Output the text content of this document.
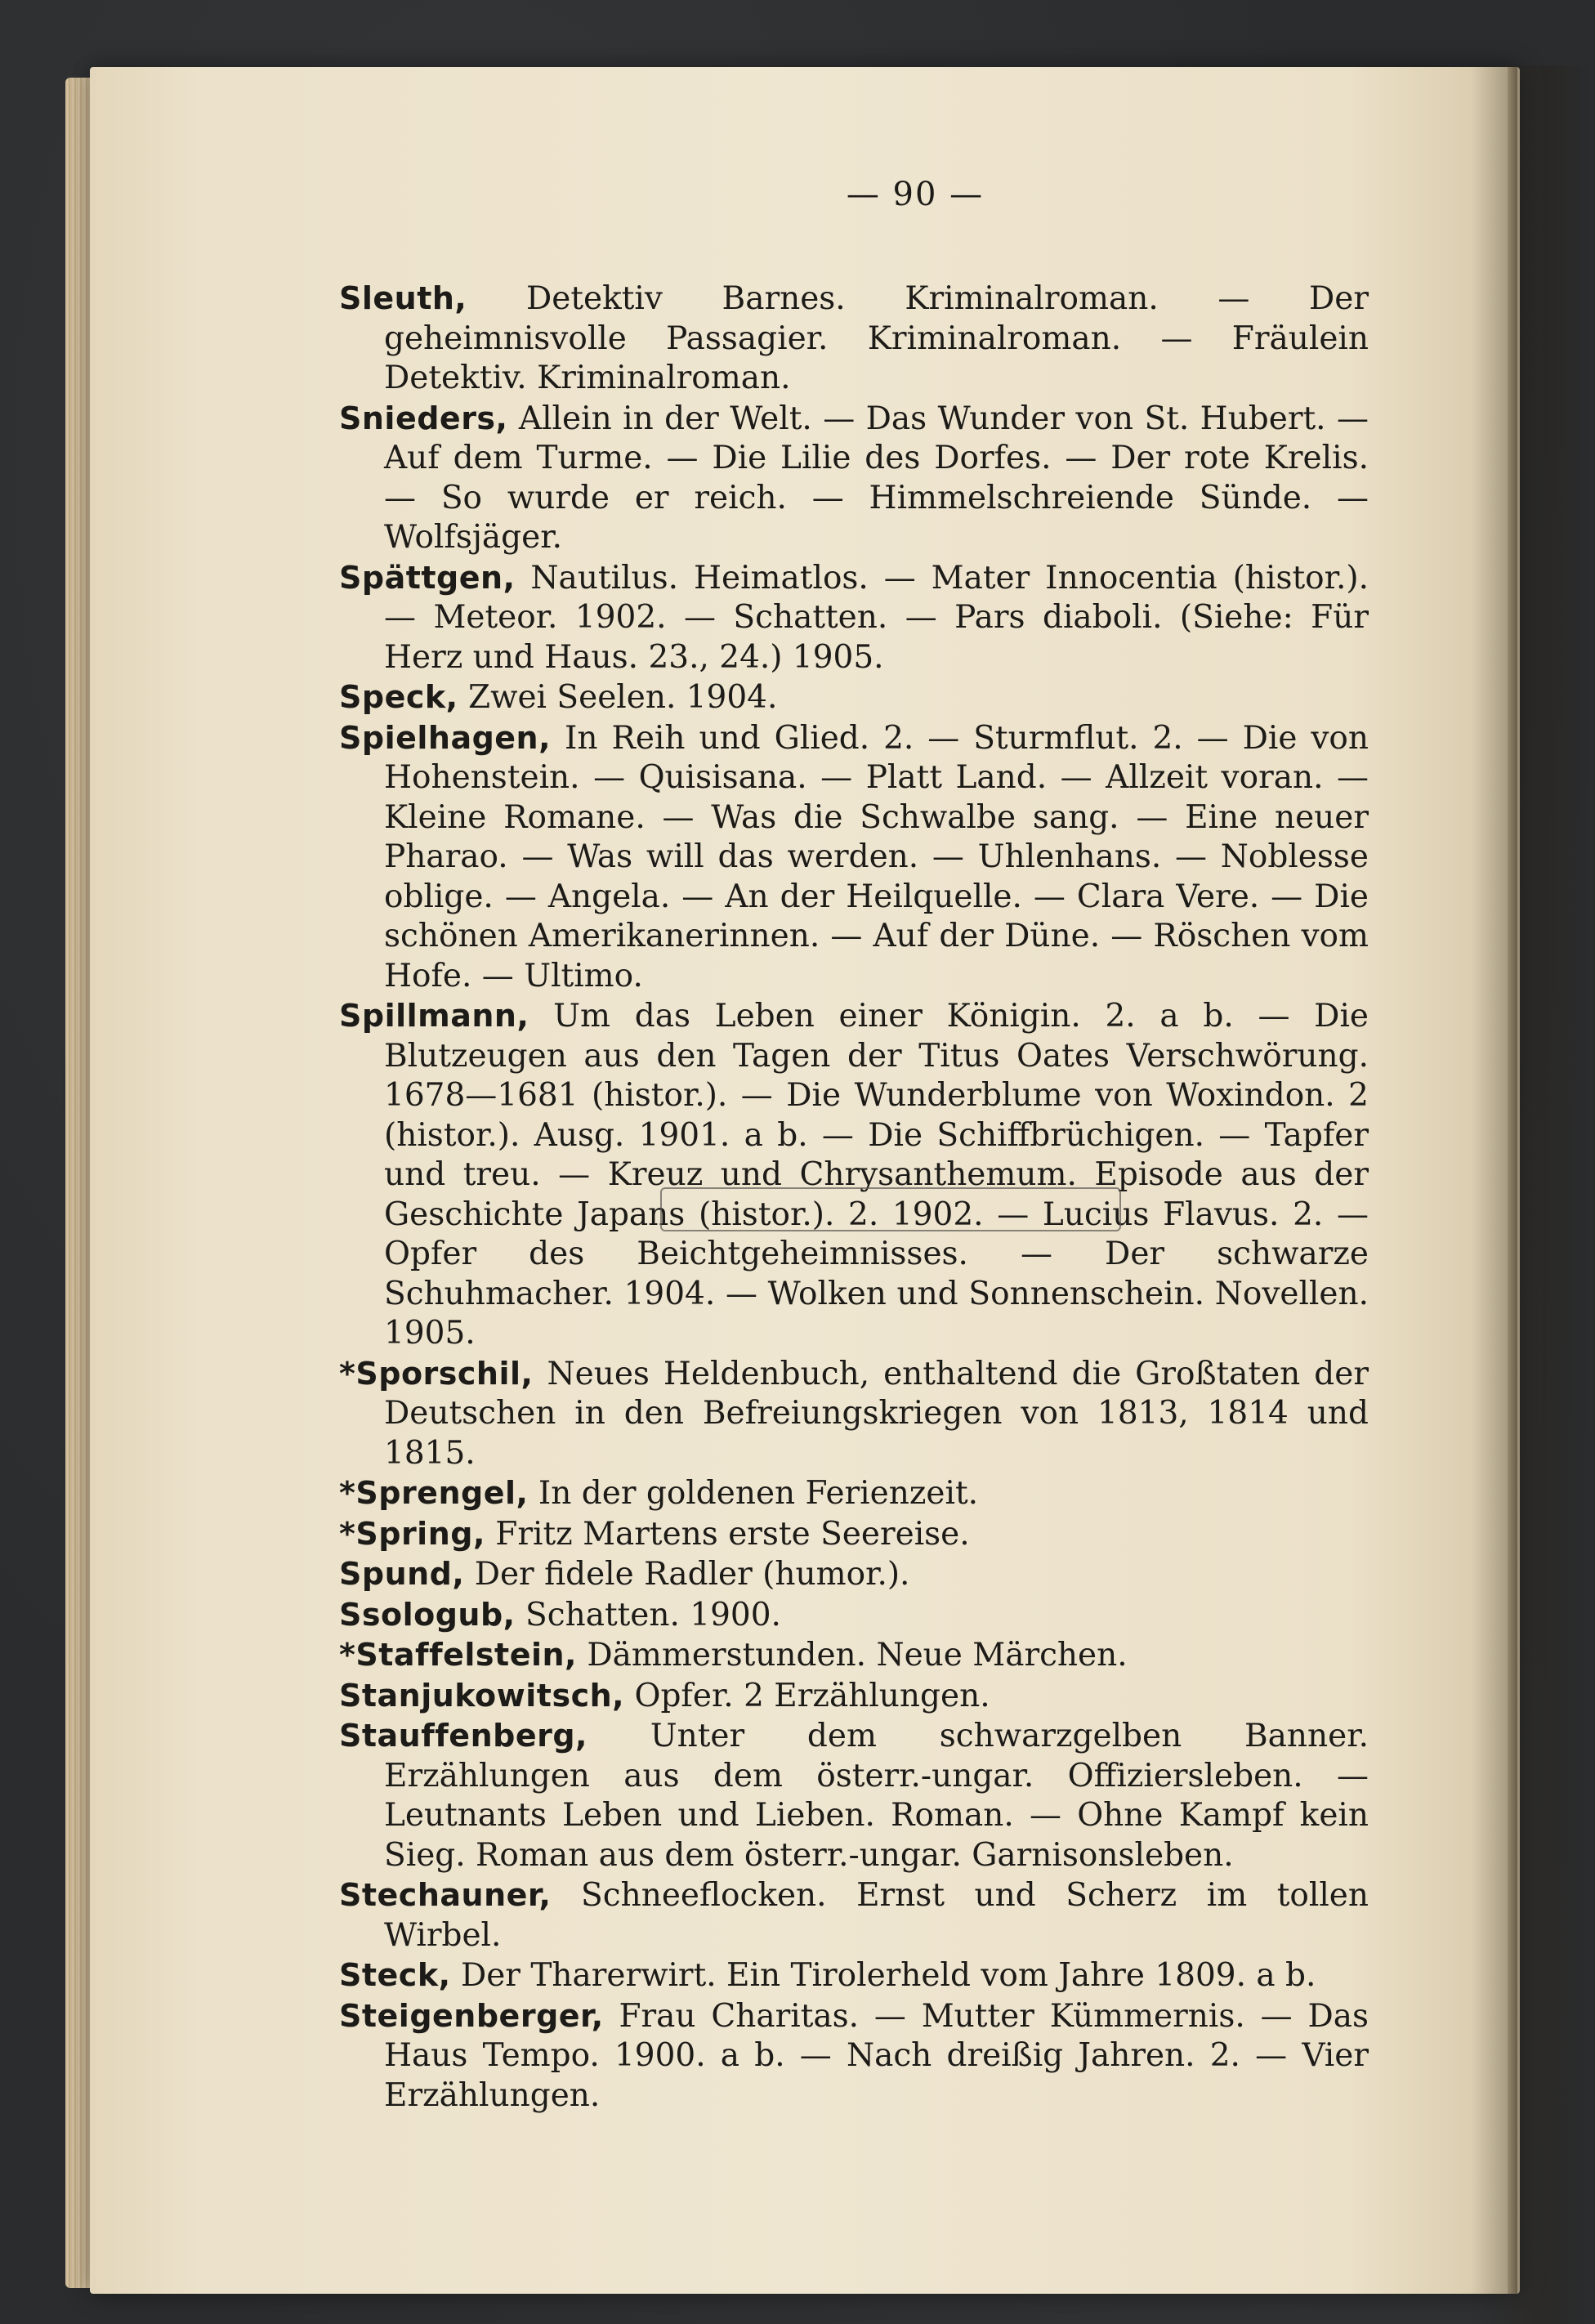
— 90 —

Sleuth, Detektiv Barnes. Kriminalroman. — Der geheimnisvolle Passagier. Kriminalroman. — Fräulein Detektiv. Kriminalroman.

Snieders, Allein in der Welt. — Das Wunder von St. Hubert. — Auf dem Turme. — Die Lilie des Dorfes. — Der rote Krelis. — So wurde er reich. — Himmelschreiende Sünde. — Wolfsjäger.

Spättgen, Nautilus. Heimatlos. — Mater Innocentia (histor.). — Meteor. 1902. — Schatten. — Pars diaboli. (Siehe: Für Herz und Haus. 23., 24.) 1905.

Speck, Zwei Seelen. 1904.

Spielhagen, In Reih und Glied. 2. — Sturmflut. 2. — Die von Hohenstein. — Quisisana. — Platt Land. — Allzeit voran. — Kleine Romane. — Was die Schwalbe sang. — Eine neuer Pharao. — Was will das werden. — Uhlenhans. — Noblesse oblige. — Angela. — An der Heilquelle. — Clara Vere. — Die schönen Amerikanerinnen. — Auf der Düne. — Röschen vom Hofe. — Ultimo.

Spillmann, Um das Leben einer Königin. 2. a b. — Die Blutzeugen aus den Tagen der Titus Oates Verschwörung. 1678—1681 (histor.). — Die Wunderblume von Woxindon. 2 (histor.). Ausg. 1901. a b. — Die Schiffbrüchigen. — Tapfer und treu. — Kreuz und Chrysanthemum. Episode aus der Geschichte Japans (histor.). 2. 1902. — Lucius Flavus. 2. — Opfer des Beichtgeheimnisses. — Der schwarze Schuhmacher. 1904. — Wolken und Sonnenschein. Novellen. 1905.

*Sporschil, Neues Heldenbuch, enthaltend die Großtaten der Deutschen in den Befreiungskriegen von 1813, 1814 und 1815.

*Sprengel, In der goldenen Ferienzeit.

*Spring, Fritz Martens erste Seereise.

Spund, Der fidele Radler (humor.).

Ssologub, Schatten. 1900.

*Staffelstein, Dämmerstunden. Neue Märchen.

Stanjukowitsch, Opfer. 2 Erzählungen.

Stauffenberg, Unter dem schwarzgelben Banner. Erzählungen aus dem österr.-ungar. Offiziersleben. — Leutnants Leben und Lieben. Roman. — Ohne Kampf kein Sieg. Roman aus dem österr.-ungar. Garnisonsleben.

Stechauner, Schneeflocken. Ernst und Scherz im tollen Wirbel.

Steck, Der Tharerwirt. Ein Tirolerheld vom Jahre 1809. a b.

Steigenberger, Frau Charitas. — Mutter Kümmernis. — Das Haus Tempo. 1900. a b. — Nach dreißig Jahren. 2. — Vier Erzählungen.
